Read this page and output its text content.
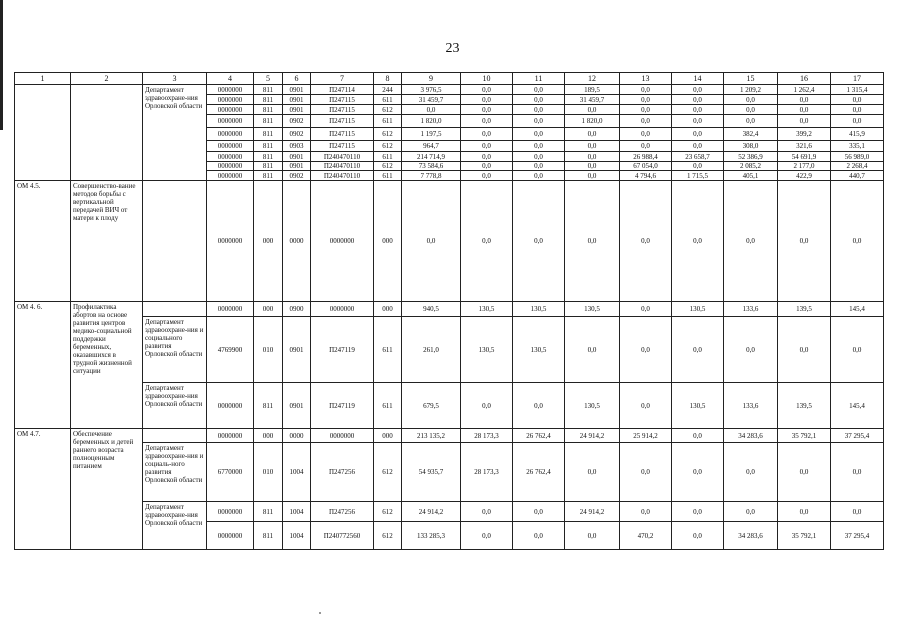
23
1	2	3	4	5	6	7	8	9	10	11	12	13	14	15	16	17
		Департамент здравоохране-ния Орловской области	0000000	811	0901	П247114	244	3 976,5	0,0	0,0	189,5	0,0	0,0	1 209,2	1 262,4	1 315,4
			0000000	811	0901	П247115	611	31 459,7	0,0	0,0	31 459,7	0,0	0,0	0,0	0,0	0,0
			0000000	811	0901	П247115	612	0,0	0,0	0,0	0,0	0,0	0,0	0,0	0,0	0,0
			0000000	811	0902	П247115	611	1 820,0	0,0	0,0	1 820,0	0,0	0,0	0,0	0,0	0,0
			0000000	811	0902	П247115	612	1 197,5	0,0	0,0	0,0	0,0	0,0	382,4	399,2	415,9
			0000000	811	0903	П247115	612	964,7	0,0	0,0	0,0	0,0	0,0	308,0	321,6	335,1
			0000000	811	0901	П240470110	611	214 714,9	0,0	0,0	0,0	26 988,4	23 658,7	52 386,9	54 691,9	56 989,0
			0000000	811	0901	П240470110	612	73 584,6	0,0	0,0	0,0	67 054,0	0,0	2 085,2	2 177,0	2 268,4
			0000000	811	0902	П240470110	611	7 778,8	0,0	0,0	0,0	4 794,6	1 715,5	405,1	422,9	440,7
ОМ 4.5.	Совершенство-вание методов борьбы с вертикальной передачей ВИЧ от матери к плоду		0000000	000	0000	0000000	000	0,0	0,0	0,0	0,0	0,0	0,0	0,0	0,0	0,0
ОМ 4. 6.	Профилактика абортов на основе развития центров медико-социальной поддержки беременных, оказавшихся в трудной жизненной ситуации		0000000	000	0900	0000000	000	940,5	130,5	130,5	130,5	0,0	130,5	133,6	139,5	145,4
		Департамент здравоохране-ния и социального развития Орловской области	4769900	010	0901	П247119	611	261,0	130,5	130,5	0,0	0,0	0,0	0,0	0,0	0,0
		Департамент здравоохране-ния Орловской области	0000000	811	0901	П247119	611	679,5	0,0	0,0	130,5	0,0	130,5	133,6	139,5	145,4
ОМ 4.7.	Обеспечение беременных и детей раннего возраста полноценным питанием		0000000	000	0000	0000000	000	213 135,2	28 173,3	26 762,4	24 914,2	25 914,2	0,0	34 283,6	35 792,1	37 295,4
		Департамент здравоохране-ния и социаль-ного развития Орловской области	6770000	010	1004	П247256	612	54 935,7	28 173,3	26 762,4	0,0	0,0	0,0	0,0	0,0	0,0
		Департамент здравоохране-ния Орловской области	0000000	811	1004	П247256	612	24 914,2	0,0	0,0	24 914,2	0,0	0,0	0,0	0,0	0,0
			0000000	811	1004	П240772560	612	133 285,3	0,0	0,0	0,0	470,2	0,0	34 283,6	35 792,1	37 295,4
